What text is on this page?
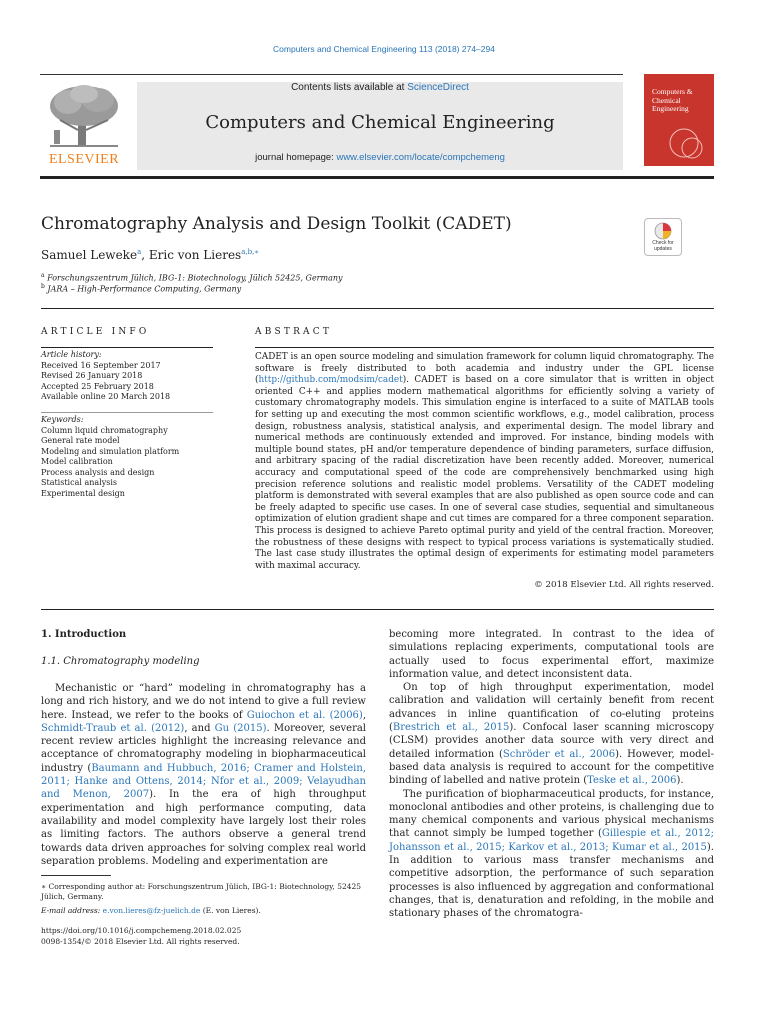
Computers and Chemical Engineering 113 (2018) 274–294
ELSEVIER
Contents lists available at ScienceDirect
Computers and Chemical Engineering
journal homepage: www.elsevier.com/locate/compchemeng
Computers & Chemical Engineering
Chromatography Analysis and Design Toolkit (CADET)
Check for updates
Samuel Leweke$^a$, Eric von Lieres$^{a,b,∗}$
$^a$ Forschungszentrum Jülich, IBG-1: Biotechnology, Jülich 52425, Germany
$^b$ JARA – High-Performance Computing, Germany
ARTICLE INFO
Article history:
Received 16 September 2017
Revised 26 January 2018
Accepted 25 February 2018
Available online 20 March 2018
Keywords:
Column liquid chromatography
General rate model
Modeling and simulation platform
Model calibration
Process analysis and design
Statistical analysis
Experimental design
ABSTRACT
CADET is an open source modeling and simulation framework for column liquid chromatography. The software is freely distributed to both academia and industry under the GPL license (http://github.com/modsim/cadet). CADET is based on a core simulator that is written in object oriented C++ and applies modern mathematical algorithms for efficiently solving a variety of customary chromatography models. This simulation engine is interfaced to a suite of MATLAB tools for setting up and executing the most common scientific workflows, e.g., model calibration, process design, robustness analysis, statistical analysis, and experimental design. The model library and numerical methods are continuously extended and improved. For instance, binding models with multiple bound states, pH and/or temperature dependence of binding parameters, surface diffusion, and arbitrary spacing of the radial discretization have been recently added. Moreover, numerical accuracy and computational speed of the code are comprehensively benchmarked using high precision reference solutions and realistic model problems. Versatility of the CADET modeling platform is demonstrated with several examples that are also published as open source code and can be freely adapted to specific use cases. In one of several case studies, sequential and simultaneous optimization of elution gradient shape and cut times are compared for a three component separation. This process is designed to achieve Pareto optimal purity and yield of the central fraction. Moreover, the robustness of these designs with respect to typical process variations is systematically studied. The last case study illustrates the optimal design of experiments for estimating model parameters with maximal accuracy.
© 2018 Elsevier Ltd. All rights reserved.
1. Introduction
1.1. Chromatography modeling
Mechanistic or “hard” modeling in chromatography has a long and rich history, and we do not intend to give a full review here. Instead, we refer to the books of Guiochon et al. (2006), Schmidt-Traub et al. (2012), and Gu (2015). Moreover, several recent review articles highlight the increasing relevance and acceptance of chromatography modeling in biopharmaceutical industry (Baumann and Hubbuch, 2016; Cramer and Holstein, 2011; Hanke and Ottens, 2014; Nfor et al., 2009; Velayudhan and Menon, 2007). In the era of high throughput experimentation and high performance computing, data availability and model complexity have largely lost their roles as limiting factors. The authors observe a general trend towards data driven approaches for solving complex real world separation problems. Modeling and experimentation are
becoming more integrated. In contrast to the idea of simulations replacing experiments, computational tools are actually used to focus experimental effort, maximize information value, and detect inconsistent data.
On top of high throughput experimentation, model calibration and validation will certainly benefit from recent advances in inline quantification of co-eluting proteins (Brestrich et al., 2015). Confocal laser scanning microscopy (CLSM) provides another data source with very direct and detailed information (Schröder et al., 2006). However, model-based data analysis is required to account for the competitive binding of labelled and native protein (Teske et al., 2006).
The purification of biopharmaceutical products, for instance, monoclonal antibodies and other proteins, is challenging due to many chemical components and various physical mechanisms that cannot simply be lumped together (Gillespie et al., 2012; Johansson et al., 2015; Karkov et al., 2013; Kumar et al., 2015). In addition to various mass transfer mechanisms and competitive adsorption, the performance of such separation processes is also influenced by aggregation and conformational changes, that is, denaturation and refolding, in the mobile and stationary phases of the chromatogra-
∗ Corresponding author at: Forschungszentrum Jülich, IBG-1: Biotechnology, 52425 Jülich, Germany.
E-mail address: e.von.lieres@fz-juelich.de (E. von Lieres).
https://doi.org/10.1016/j.compchemeng.2018.02.025
0098-1354/© 2018 Elsevier Ltd. All rights reserved.
